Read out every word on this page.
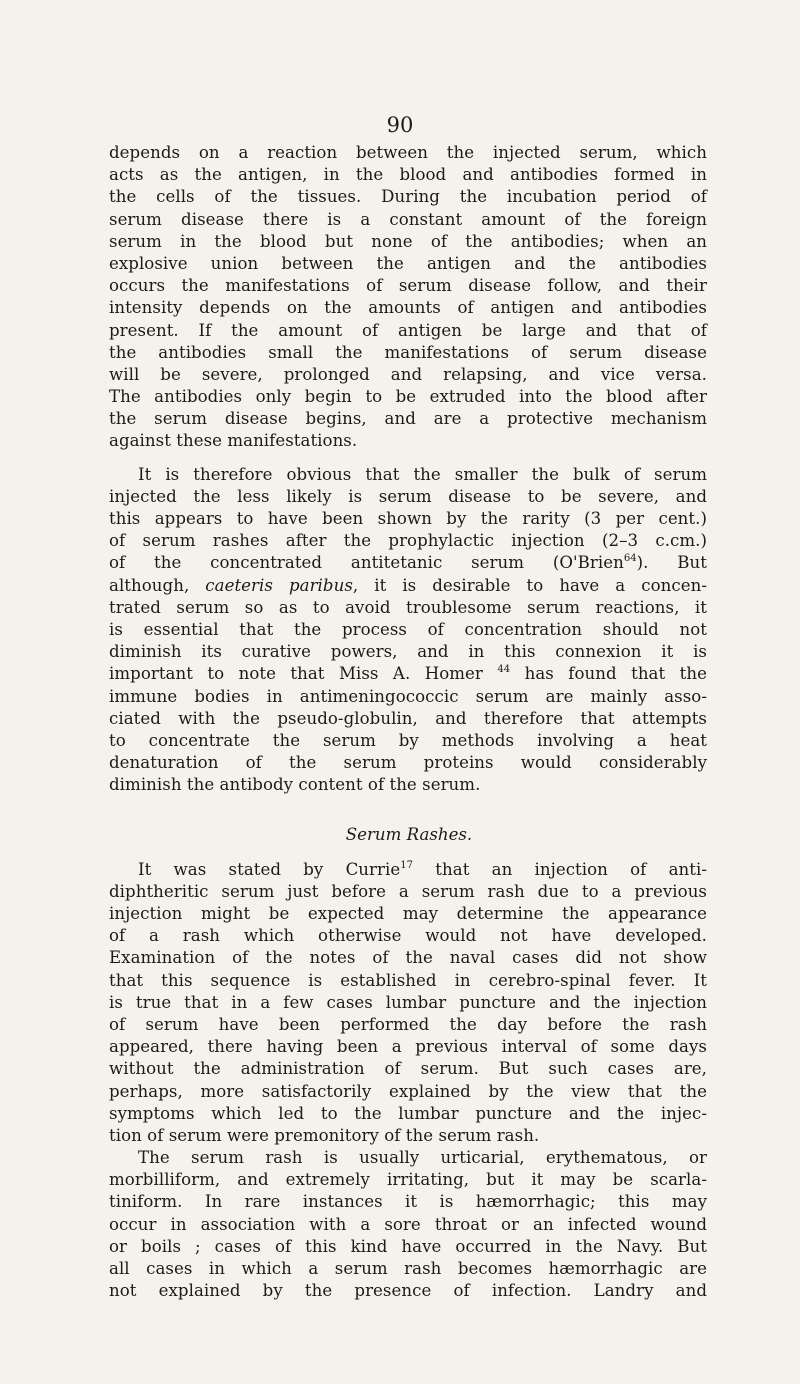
90
depends on a reaction between the injected serum, which
acts as the antigen, in the blood and antibodies formed in
the cells of the tissues. During the incubation period of
serum disease there is a constant amount of the foreign
serum in the blood but none of the antibodies; when an
explosive union between the antigen and the antibodies
occurs the manifestations of serum disease follow, and their
intensity depends on the amounts of antigen and antibodies
present. If the amount of antigen be large and that of
the antibodies small the manifestations of serum disease
will be severe, prolonged and relapsing, and vice versa.
The antibodies only begin to be extruded into the blood after
the serum disease begins, and are a protective mechanism
against these manifestations.
It is therefore obvious that the smaller the bulk of serum
injected the less likely is serum disease to be severe, and
this appears to have been shown by the rarity (3 per cent.)
of serum rashes after the prophylactic injection (2–3 c.cm.)
of the concentrated antitetanic serum (O'Brien$^{64}$). But
although, caeteris paribus, it is desirable to have a concen-
trated serum so as to avoid troublesome serum reactions, it
is essential that the process of concentration should not
diminish its curative powers, and in this connexion it is
important to note that Miss A. Homer $^{44}$ has found that the
immune bodies in antimeningococcic serum are mainly asso-
ciated with the pseudo-globulin, and therefore that attempts
to concentrate the serum by methods involving a heat
denaturation of the serum proteins would considerably
diminish the antibody content of the serum.
Serum Rashes.
It was stated by Currie$^{17}$ that an injection of anti-
diphtheritic serum just before a serum rash due to a previous
injection might be expected may determine the appearance
of a rash which otherwise would not have developed.
Examination of the notes of the naval cases did not show
that this sequence is established in cerebro-spinal fever. It
is true that in a few cases lumbar puncture and the injection
of serum have been performed the day before the rash
appeared, there having been a previous interval of some days
without the administration of serum. But such cases are,
perhaps, more satisfactorily explained by the view that the
symptoms which led to the lumbar puncture and the injec-
tion of serum were premonitory of the serum rash.
The serum rash is usually urticarial, erythematous, or
morbilliform, and extremely irritating, but it may be scarla-
tiniform. In rare instances it is hæmorrhagic; this may
occur in association with a sore throat or an infected wound
or boils ; cases of this kind have occurred in the Navy. But
all cases in which a serum rash becomes hæmorrhagic are
not explained by the presence of infection. Landry and
